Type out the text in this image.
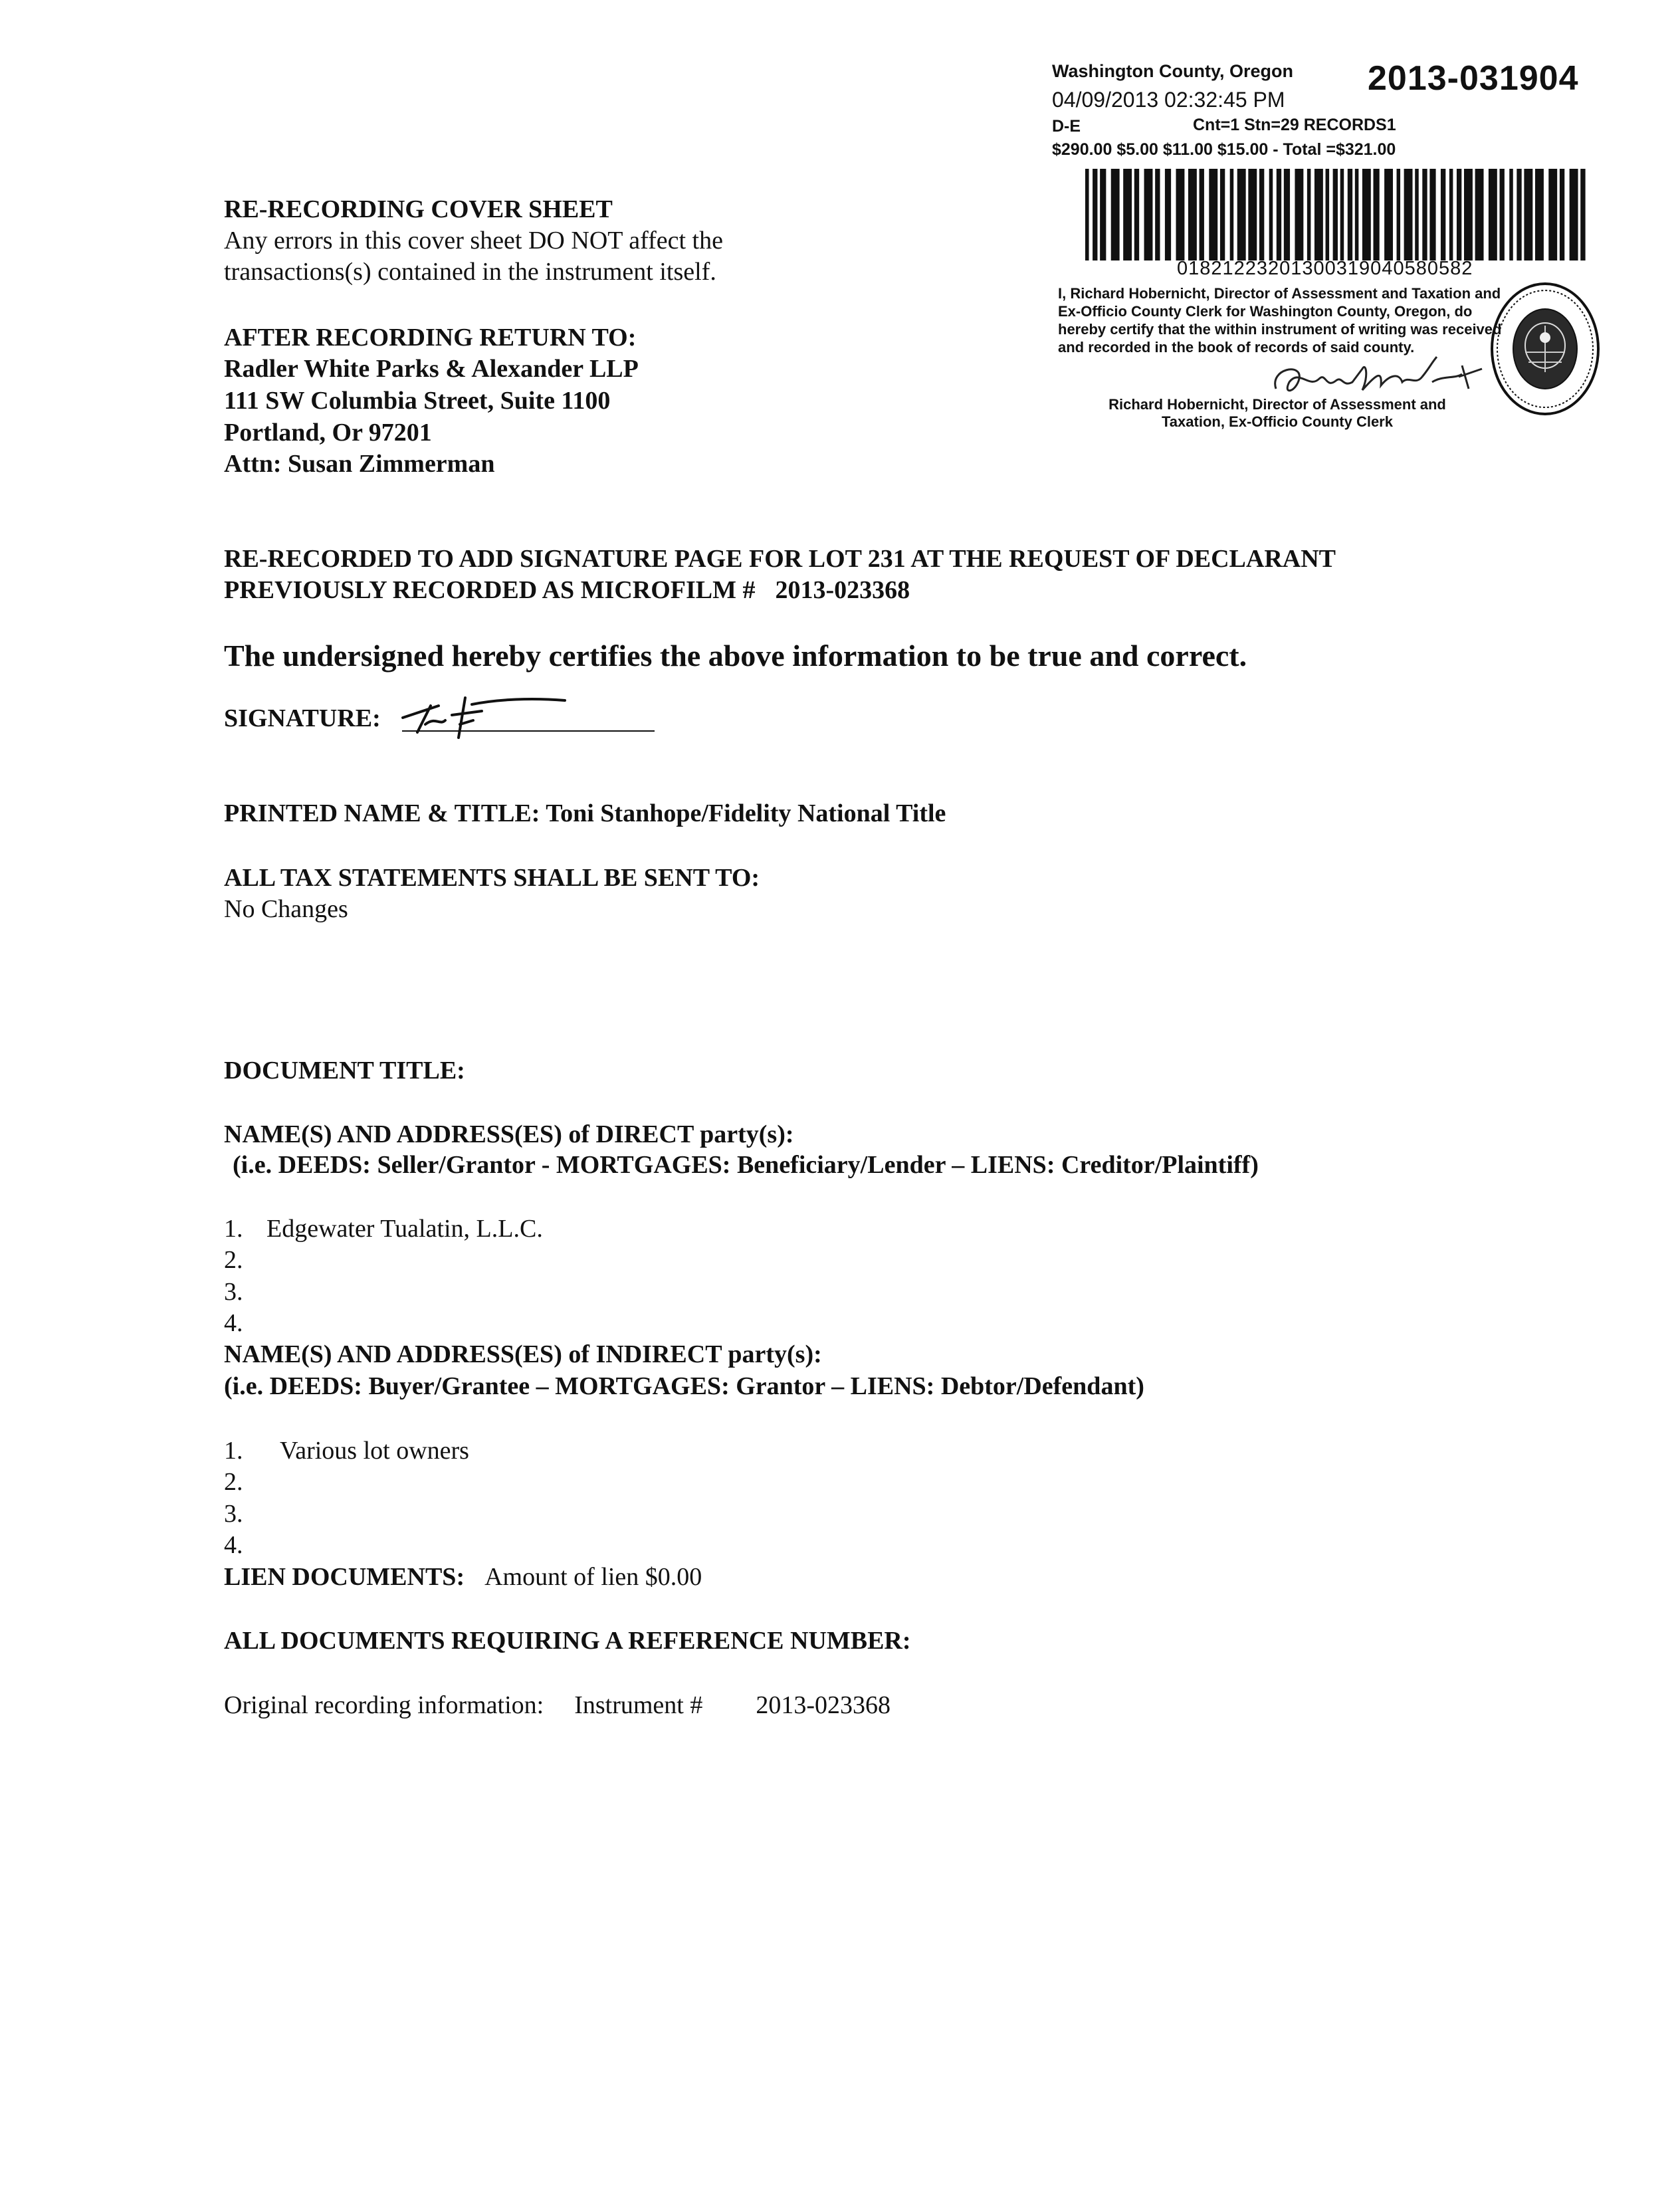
Washington County, Oregon 2013-031904
04/09/2013 02:32:45 PM
D-E	Cnt=1 Stn=29 RECORDS1
$290.00 $5.00 $11.00 $15.00 - Total =$321.00
01821223201300319040580582
I, Richard Hobernicht, Director of Assessment and Taxation and Ex-Officio County Clerk for Washington County, Oregon, do hereby certify that the within instrument of writing was received and recorded in the book of records of said county.
Richard Hobernicht, Director of Assessment and
Taxation, Ex-Officio County Clerk
RE-RECORDING COVER SHEET
Any errors in this cover sheet DO NOT affect the
transactions(s) contained in the instrument itself.
AFTER RECORDING RETURN TO:
Radler White Parks & Alexander LLP
111 SW Columbia Street, Suite 1100
Portland, Or 97201
Attn: Susan Zimmerman
RE-RECORDED TO ADD SIGNATURE PAGE FOR LOT 231 AT THE REQUEST OF DECLARANT
PREVIOUSLY RECORDED AS MICROFILM # 2013-023368
The undersigned hereby certifies the above information to be true and correct.
SIGNATURE:
PRINTED NAME & TITLE: Toni Stanhope/Fidelity National Title
ALL TAX STATEMENTS SHALL BE SENT TO:
No Changes
DOCUMENT TITLE:
NAME(S) AND ADDRESS(ES) of DIRECT party(s):
(i.e. DEEDS: Seller/Grantor - MORTGAGES: Beneficiary/Lender – LIENS: Creditor/Plaintiff)
1. Edgewater Tualatin, L.L.C.
2.
3.
4.
NAME(S) AND ADDRESS(ES) of INDIRECT party(s):
(i.e. DEEDS: Buyer/Grantee – MORTGAGES: Grantor – LIENS: Debtor/Defendant)
1. Various lot owners
2.
3.
4.
LIEN DOCUMENTS: Amount of lien $0.00
ALL DOCUMENTS REQUIRING A REFERENCE NUMBER:
Original recording information: Instrument # 2013-023368
